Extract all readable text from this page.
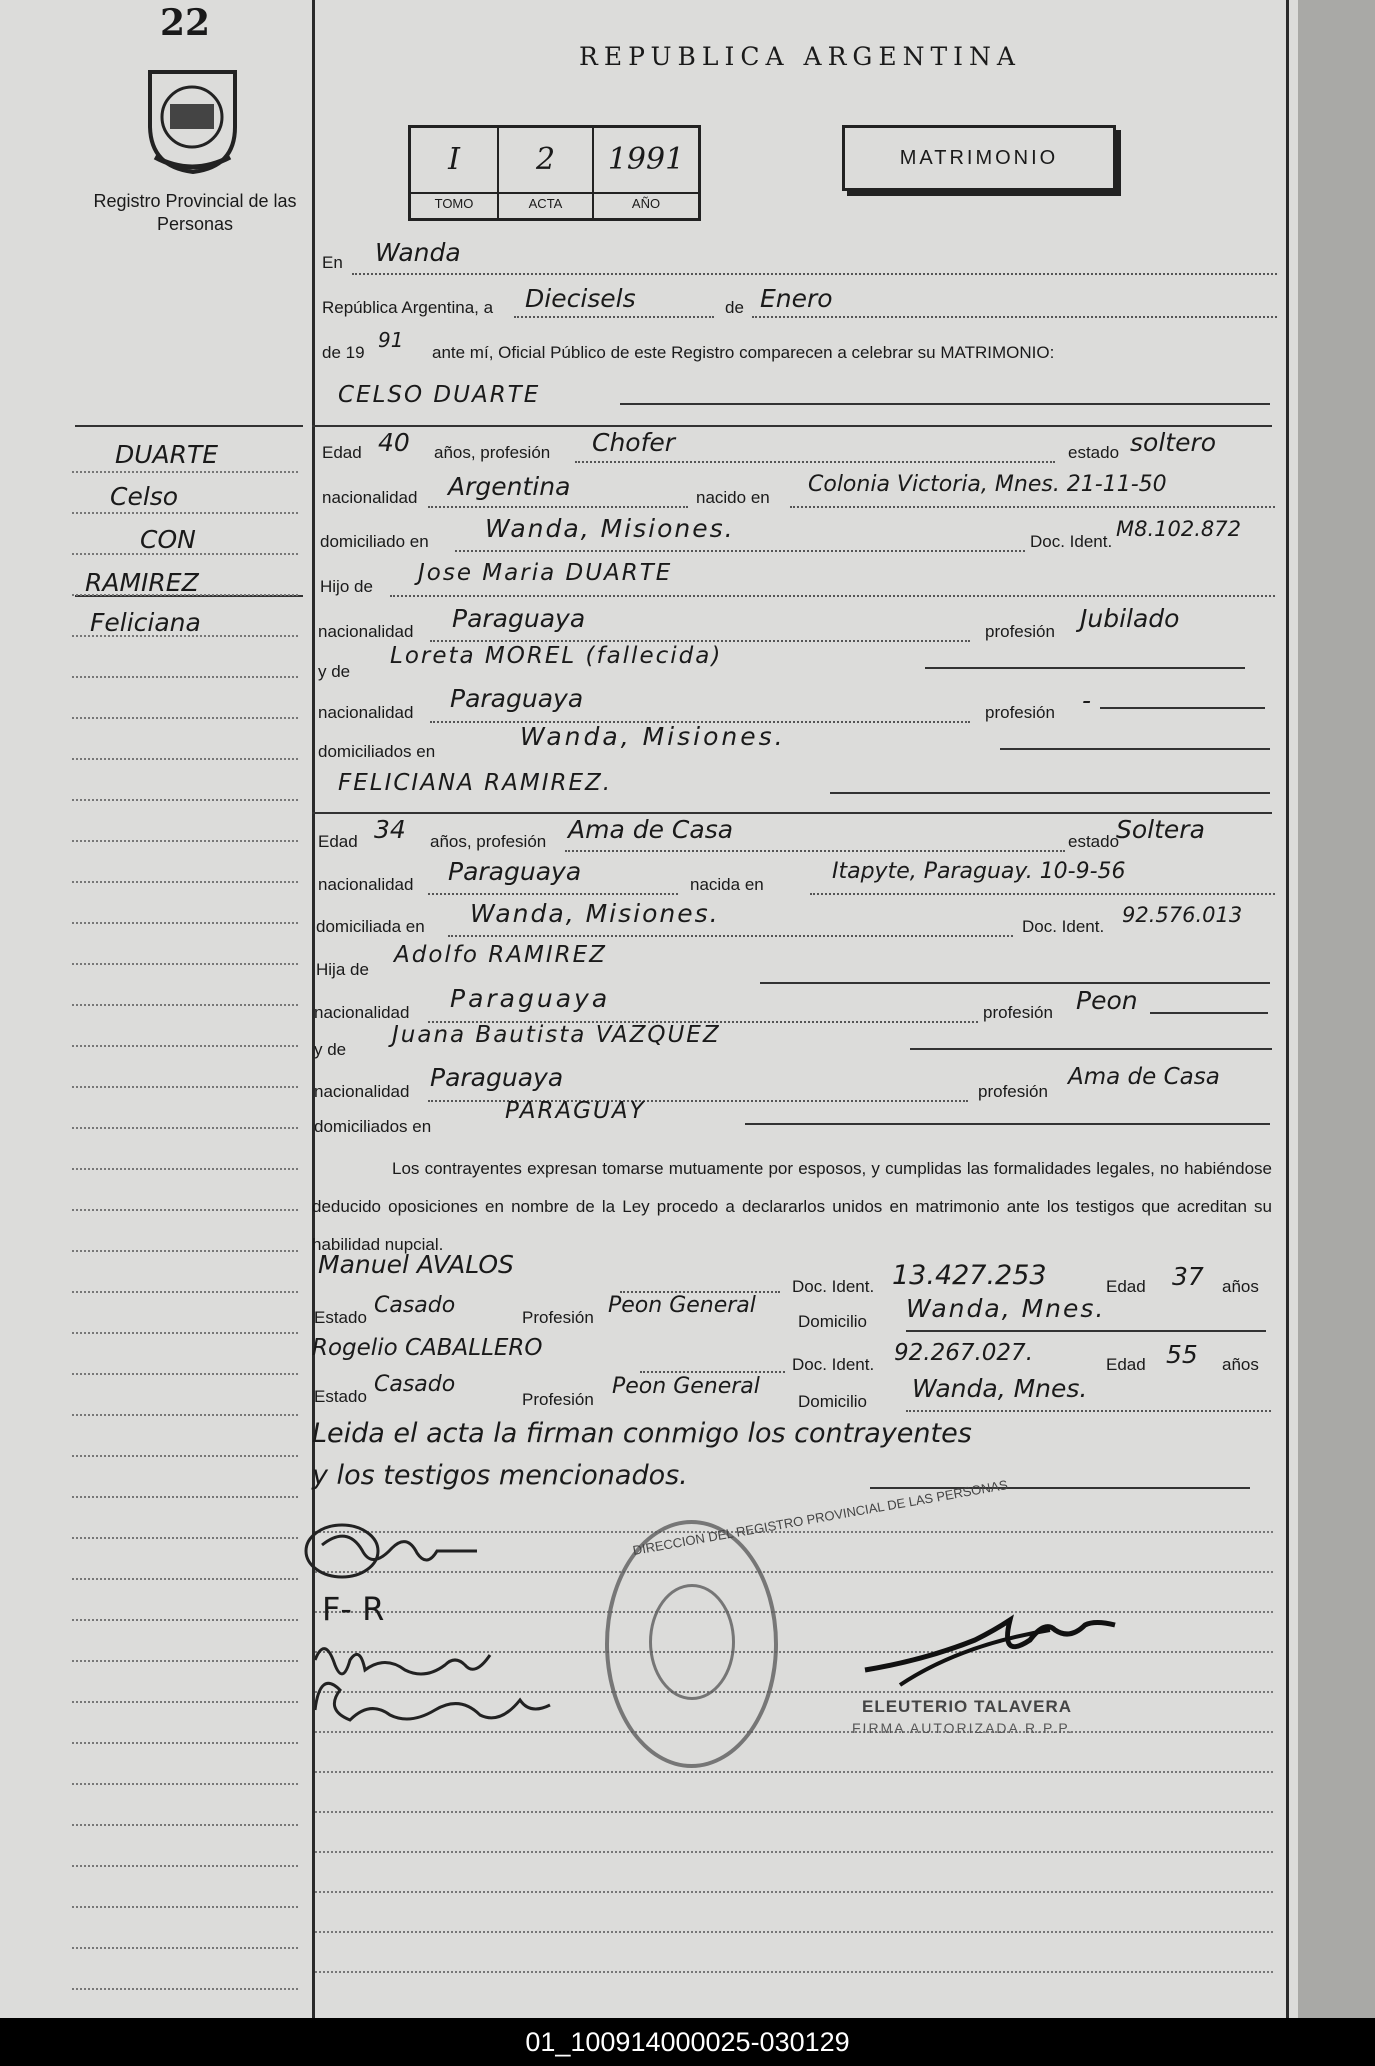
01_100914000025-030129
22
Registro Provincial de las Personas
REPUBLICA ARGENTINA
I
TOMO
2
ACTA
1991
AÑO
MATRIMONIO
DUARTE
Celso
CON
RAMIREZ
Feliciana
En Wanda
República Argentina, a Diecisels	de Enero
de 19
91
ante mí, Oficial Público de este Registro comparecen a celebrar su MATRIMONIO:
CELSO DUARTE
Edad 40 años, profesión Chofer	estado soltero
nacionalidad Argentina	nacido en
Colonia Victoria, Mnes. 21-11-50
domiciliado en Wanda, Misiones.	Doc. Ident.
M8.102.872
Hijo de
Jose Maria DUARTE
nacionalidad Paraguaya	profesión Jubilado
y de
Loreta MOREL (fallecida)
nacionalidad Paraguaya	profesión -
domiciliados en
Wanda, Misiones.
FELICIANA RAMIREZ.
Edad 34 años, profesión Ama de Casa	estado
Soltera
nacionalidad Paraguaya	nacida en
Itapyte, Paraguay. 10-9-56
domiciliada en Wanda, Misiones.	Doc. Ident. 92.576.013
Hija de
Adolfo RAMIREZ
nacionalidad Paraguaya	profesión Peon
y de
Juana Bautista VAZQUEZ
nacionalidad Paraguaya	profesión
Ama de Casa
domiciliados en
PARAGUAY
Los contrayentes expresan tomarse mutuamente por esposos, y cumplidas las formalidades legales, no habiéndose deducido oposiciones en nombre de la Ley procedo a declararlos unidos en matrimonio ante los testigos que acreditan su habilidad nupcial.
Manuel AVALOS
Doc. Ident. 13.427.253	Edad 37 años
Estado Casado	Profesión Peon General
Domicilio Wanda, Mnes.
Rogelio CABALLERO
Doc. Ident. 92.267.027.	Edad 55 años
Estado Casado
Profesión
Peon General
Domicilio Wanda, Mnes.
Leida el acta la firman conmigo los contrayentes
y los testigos mencionados.
F- R
DIRECCION DEL REGISTRO PROVINCIAL DE LAS PERSONAS
ELEUTERIO TALAVERA
FIRMA AUTORIZADA R.P.P.
